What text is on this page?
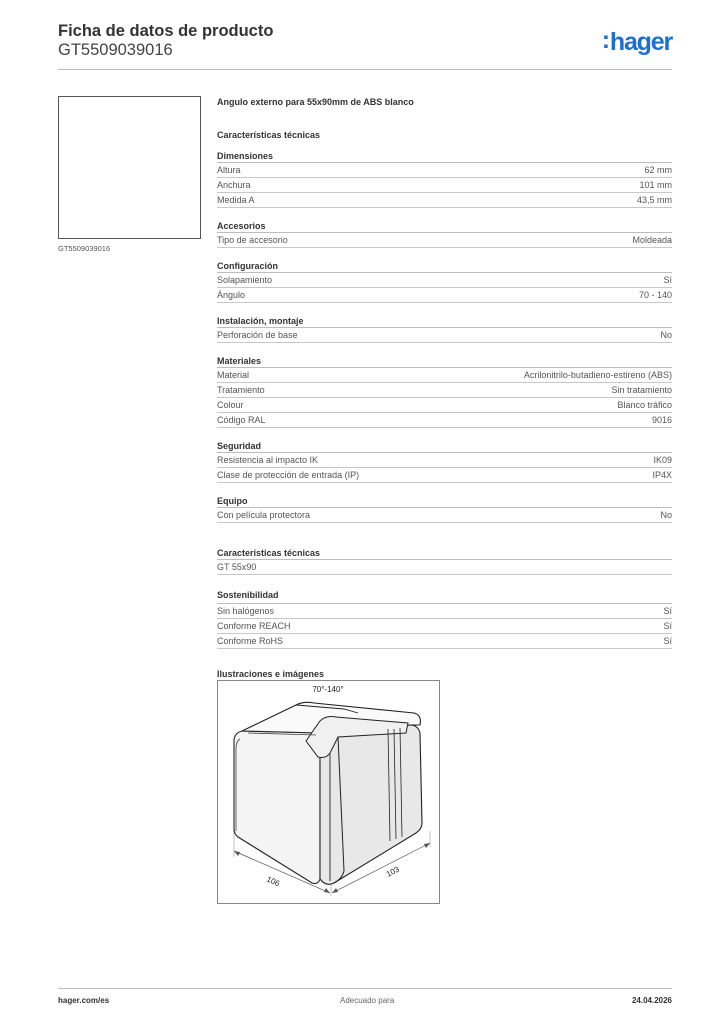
Ficha de datos de producto
GT5509039016	:hager
GT5509039016
Angulo externo para 55x90mm de ABS blanco
Características técnicas
Dimensiones
Altura	62 mm
Anchura	101 mm
Medida A	43,5 mm
Accesorios
Tipo de accesorio	Moldeada
Configuración
Solapamiento	Sí
Ángulo	70 - 140
Instalación, montaje
Perforación de base	No
Materiales
Material	Acrilonitrilo-butadieno-estireno (ABS)
Tratamiento	Sin tratamiento
Colour	Blanco tráfico
Código RAL	9016
Seguridad
Resistencia al impacto IK	IK09
Clase de protección de entrada (IP)	IP4X
Equipo
Con película protectora	No
Características técnicas
GT 55x90
Sostenibilidad
Sin halógenos	Sí
Conforme REACH	Sí
Conforme RoHS	Sí
Ilustraciones e imágenes
70°-140°
106
103
hager.com/es	Adecuado para	24.04.2026
